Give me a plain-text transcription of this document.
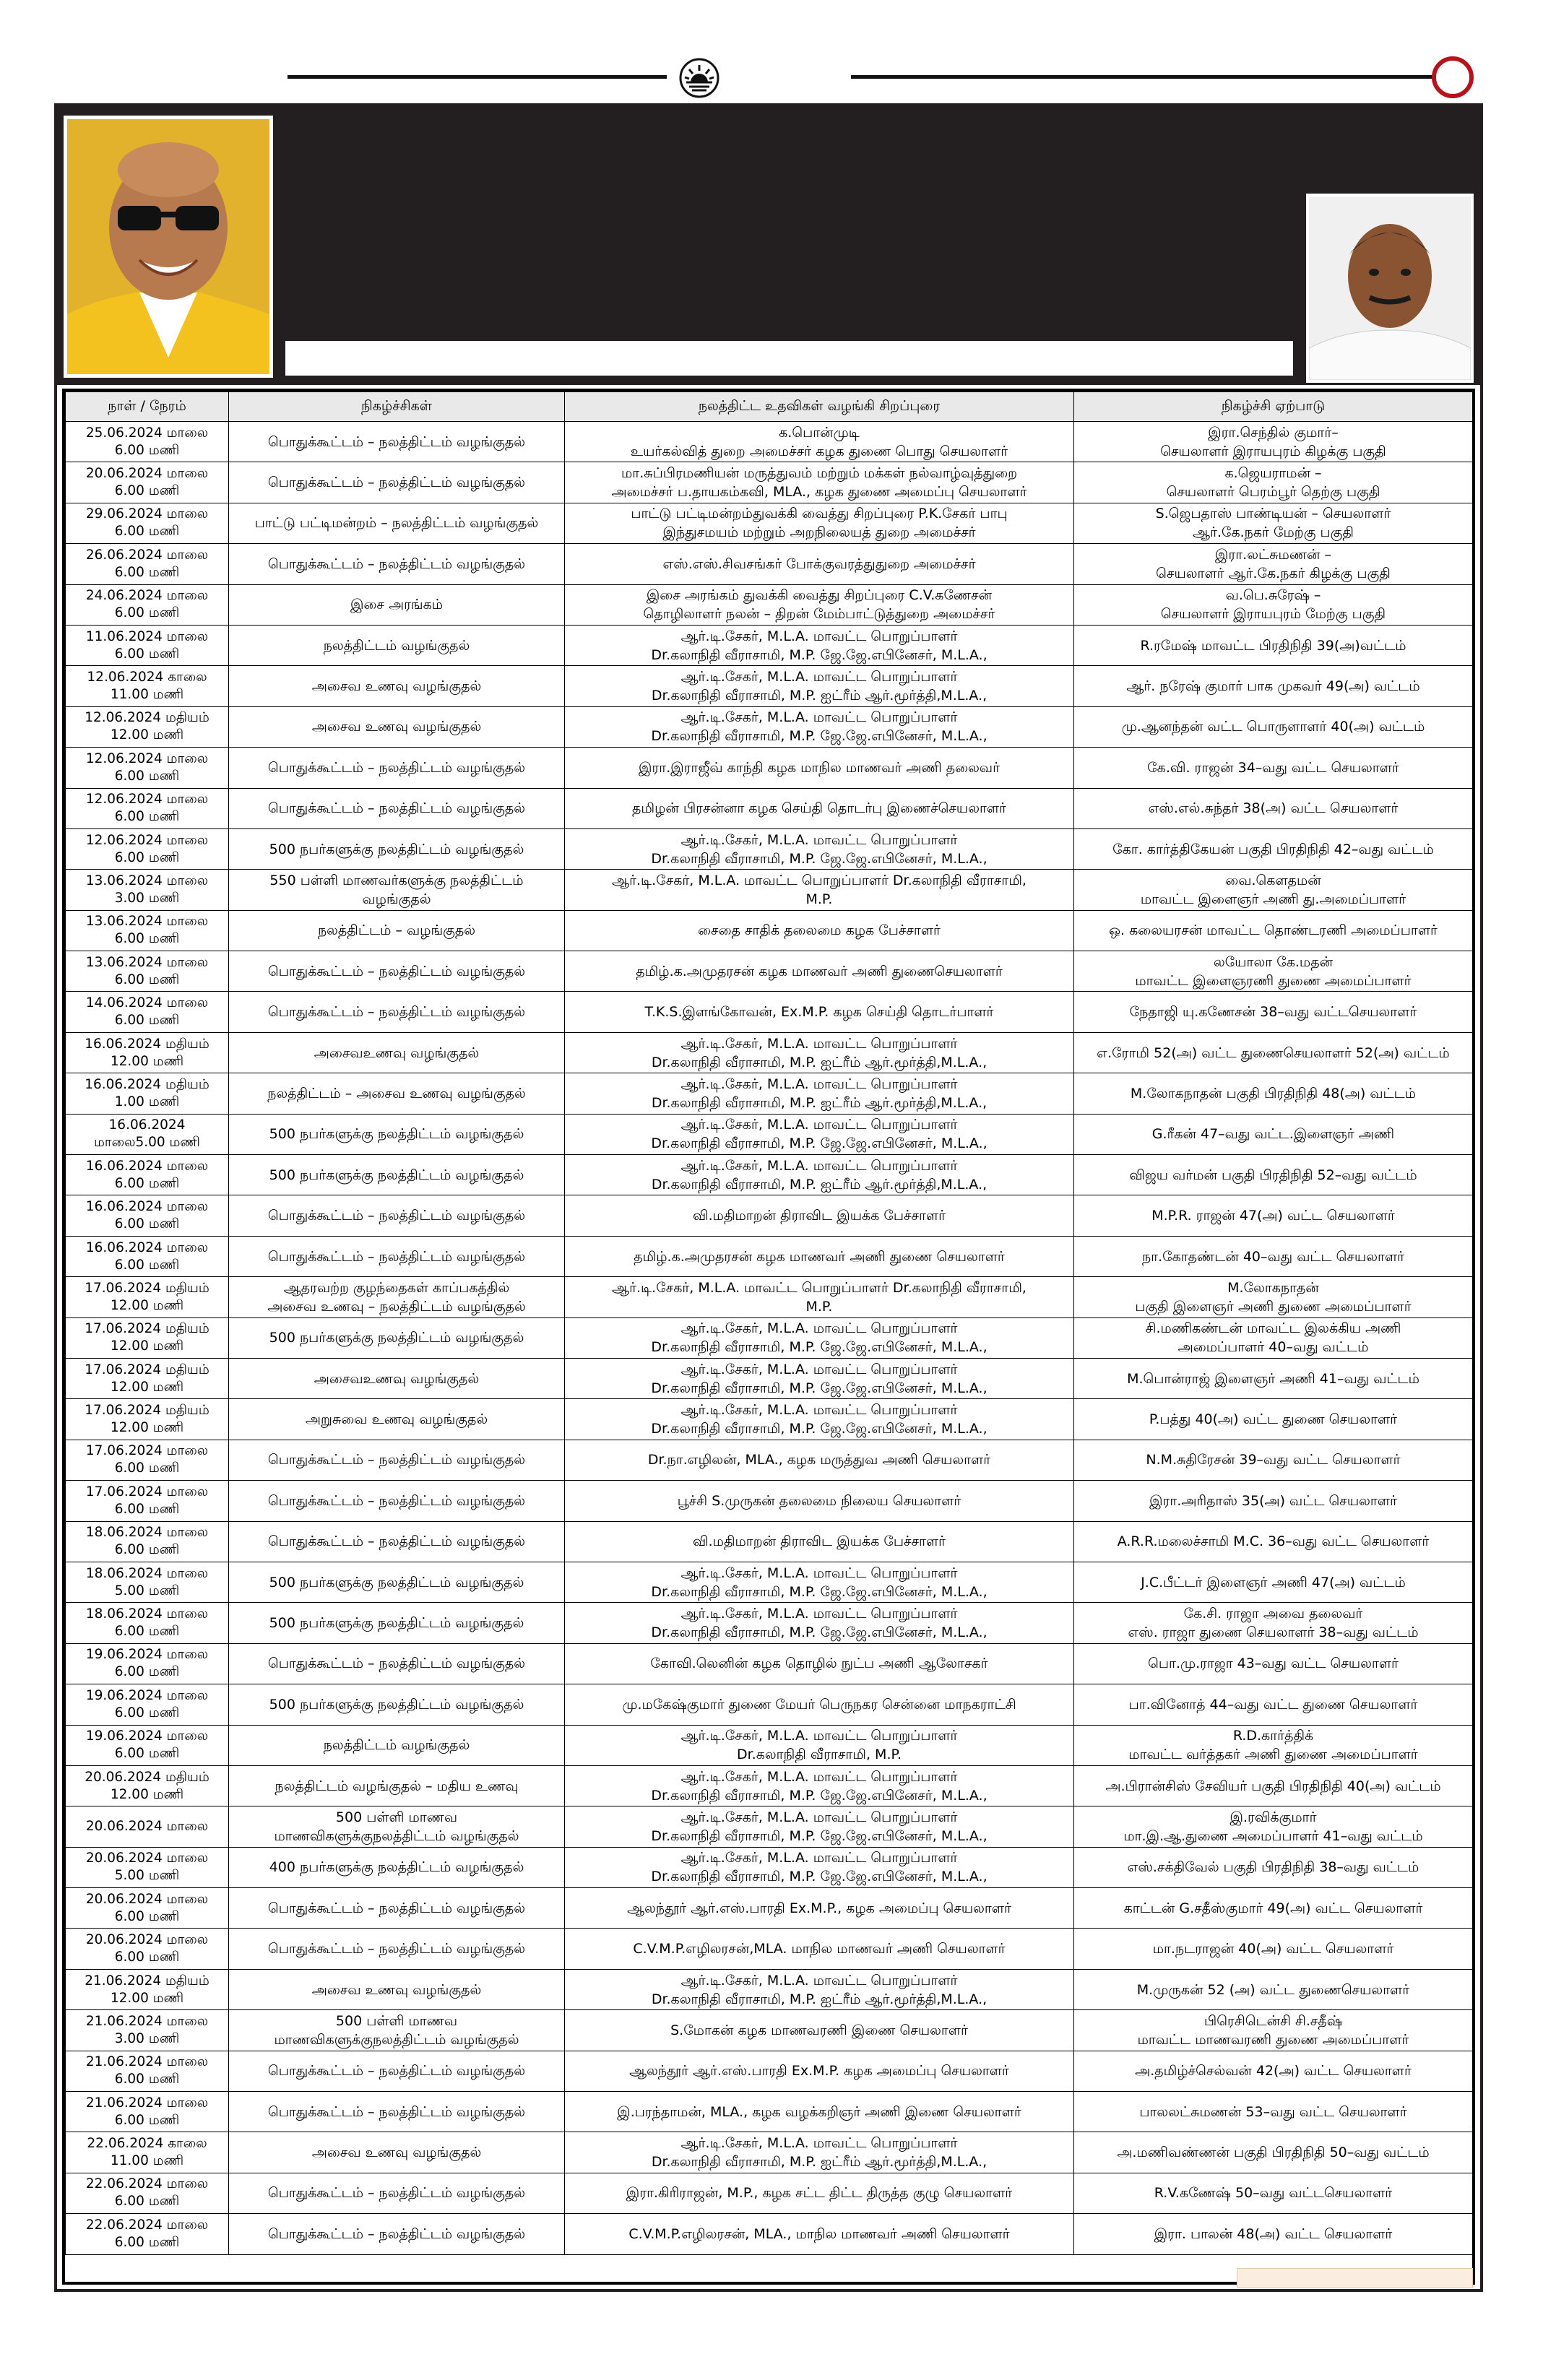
நாள் / நேரம்	நிகழ்ச்சிகள்	நலத்திட்ட உதவிகள் வழங்கி சிறப்புரை	நிகழ்ச்சி ஏற்பாடு

25.06.2024 மாலை
6.00 மணி	பொதுக்கூட்டம் – நலத்திட்டம் வழங்குதல்	க.பொன்முடி
உயர்கல்வித் துறை அமைச்சர் கழக துணை பொது செயலாளர்	இரா.செந்தில் குமார்–
செயலாளர் இராயபுரம் கிழக்கு பகுதி

20.06.2024 மாலை
6.00 மணி	பொதுக்கூட்டம் – நலத்திட்டம் வழங்குதல்	மா.சுப்பிரமணியன் மருத்துவம் மற்றும் மக்கள் நல்வாழ்வுத்துறை
அமைச்சர் ப.தாயகம்கவி, MLA., கழக துணை அமைப்பு செயலாளர்	க.ஜெயராமன் –
செயலாளர் பெரம்பூர் தெற்கு பகுதி

29.06.2024 மாலை
6.00 மணி	பாட்டு பட்டிமன்றம் – நலத்திட்டம் வழங்குதல்	பாட்டு பட்டிமன்றம்துவக்கி வைத்து சிறப்புரை P.K.சேகர் பாபு
இந்துசமயம் மற்றும் அறநிலையத் துறை அமைச்சர்	S.ஜெபதாஸ் பாண்டியன் – செயலாளர்
ஆர்.கே.நகர் மேற்கு பகுதி

26.06.2024 மாலை
6.00 மணி	பொதுக்கூட்டம் – நலத்திட்டம் வழங்குதல்	எஸ்.எஸ்.சிவசங்கர் போக்குவரத்துதுறை அமைச்சர்	இரா.லட்சுமணன் –
செயலாளர் ஆர்.கே.நகர் கிழக்கு பகுதி

24.06.2024 மாலை
6.00 மணி	இசை அரங்கம்	இசை அரங்கம் துவக்கி வைத்து சிறப்புரை C.V.கணேசன்
தொழிலாளர் நலன் – திறன் மேம்பாட்டுத்துறை அமைச்சர்	வ.பெ.சுரேஷ் –
செயலாளர் இராயபுரம் மேற்கு பகுதி

11.06.2024 மாலை
6.00 மணி	நலத்திட்டம் வழங்குதல்	ஆர்.டி.சேகர், M.L.A. மாவட்ட பொறுப்பாளர்
Dr.கலாநிதி வீராசாமி, M.P. ஜே.ஜே.எபினேசர், M.L.A.,	R.ரமேஷ் மாவட்ட பிரதிநிதி 39(அ)வட்டம்

12.06.2024 காலை
11.00 மணி	அசைவ உணவு வழங்குதல்	ஆர்.டி.சேகர், M.L.A. மாவட்ட பொறுப்பாளர்
Dr.கலாநிதி வீராசாமி, M.P. ஐட்ரீம் ஆர்.மூர்த்தி,M.L.A.,	ஆர். நரேஷ் குமார் பாக முகவர் 49(அ) வட்டம்

12.06.2024 மதியம்
12.00 மணி	அசைவ உணவு வழங்குதல்	ஆர்.டி.சேகர், M.L.A. மாவட்ட பொறுப்பாளர்
Dr.கலாநிதி வீராசாமி, M.P. ஜே.ஜே.எபினேசர், M.L.A.,	மு.ஆனந்தன் வட்ட பொருளாளர் 40(அ) வட்டம்

12.06.2024 மாலை
6.00 மணி	பொதுக்கூட்டம் – நலத்திட்டம் வழங்குதல்	இரா.இராஜீவ் காந்தி கழக மாநில மாணவர் அணி தலைவர்	கே.வி. ராஜன் 34–வது வட்ட செயலாளர்

12.06.2024 மாலை
6.00 மணி	பொதுக்கூட்டம் – நலத்திட்டம் வழங்குதல்	தமிழன் பிரசன்னா கழக செய்தி தொடர்பு இணைச்செயலாளர்	எஸ்.எல்.சுந்தர் 38(அ) வட்ட செயலாளர்

12.06.2024 மாலை
6.00 மணி	500 நபர்களுக்கு நலத்திட்டம் வழங்குதல்	ஆர்.டி.சேகர், M.L.A. மாவட்ட பொறுப்பாளர்
Dr.கலாநிதி வீராசாமி, M.P. ஜே.ஜே.எபினேசர், M.L.A.,	கோ. கார்த்திகேயன் பகுதி பிரதிநிதி 42–வது வட்டம்

13.06.2024 மாலை
3.00 மணி	550 பள்ளி மாணவர்களுக்கு நலத்திட்டம்
வழங்குதல்	ஆர்.டி.சேகர், M.L.A. மாவட்ட பொறுப்பாளர் Dr.கலாநிதி வீராசாமி,
M.P.	வை.கௌதமன்
மாவட்ட இளைஞர் அணி து.அமைப்பாளர்

13.06.2024 மாலை
6.00 மணி	நலத்திட்டம் – வழங்குதல்	சைதை சாதிக் தலைமை கழக பேச்சாளர்	ஒ. கலையரசன் மாவட்ட தொண்டரணி அமைப்பாளர்

13.06.2024 மாலை
6.00 மணி	பொதுக்கூட்டம் – நலத்திட்டம் வழங்குதல்	தமிழ்.க.அமுதரசன் கழக மாணவர் அணி துணைசெயலாளர்	லயோலா கே.மதன்
மாவட்ட இளைஞரணி துணை அமைப்பாளர்

14.06.2024 மாலை
6.00 மணி	பொதுக்கூட்டம் – நலத்திட்டம் வழங்குதல்	T.K.S.இளங்கோவன், Ex.M.P. கழக செய்தி தொடர்பாளர்	நேதாஜி யு.கணேசன் 38–வது வட்டசெயலாளர்

16.06.2024 மதியம்
12.00 மணி	அசைவஉணவு வழங்குதல்	ஆர்.டி.சேகர், M.L.A. மாவட்ட பொறுப்பாளர்
Dr.கலாநிதி வீராசாமி, M.P. ஐட்ரீம் ஆர்.மூர்த்தி,M.L.A.,	எ.ரோமி 52(அ) வட்ட துணைசெயலாளர் 52(அ) வட்டம்

16.06.2024 மதியம்
1.00 மணி	நலத்திட்டம் – அசைவ உணவு வழங்குதல்	ஆர்.டி.சேகர், M.L.A. மாவட்ட பொறுப்பாளர்
Dr.கலாநிதி வீராசாமி, M.P. ஐட்ரீம் ஆர்.மூர்த்தி,M.L.A.,	M.லோகநாதன் பகுதி பிரதிநிதி 48(அ) வட்டம்

16.06.2024
மாலை5.00 மணி	500 நபர்களுக்கு நலத்திட்டம் வழங்குதல்	ஆர்.டி.சேகர், M.L.A. மாவட்ட பொறுப்பாளர்
Dr.கலாநிதி வீராசாமி, M.P. ஜே.ஜே.எபினேசர், M.L.A.,	G.ரீகன் 47–வது வட்ட.இளைஞர் அணி

16.06.2024 மாலை
6.00 மணி	500 நபர்களுக்கு நலத்திட்டம் வழங்குதல்	ஆர்.டி.சேகர், M.L.A. மாவட்ட பொறுப்பாளர்
Dr.கலாநிதி வீராசாமி, M.P. ஐட்ரீம் ஆர்.மூர்த்தி,M.L.A.,	விஜய வர்மன் பகுதி பிரதிநிதி 52–வது வட்டம்

16.06.2024 மாலை
6.00 மணி	பொதுக்கூட்டம் – நலத்திட்டம் வழங்குதல்	வி.மதிமாறன் திராவிட இயக்க பேச்சாளர்	M.P.R. ராஜன் 47(அ) வட்ட செயலாளர்

16.06.2024 மாலை
6.00 மணி	பொதுக்கூட்டம் – நலத்திட்டம் வழங்குதல்	தமிழ்.க.அமுதரசன் கழக மாணவர் அணி துணை செயலாளர்	நா.கோதண்டன் 40–வது வட்ட செயலாளர்

17.06.2024 மதியம்
12.00 மணி	ஆதரவற்ற குழந்தைகள் காப்பகத்தில்
அசைவ உணவு – நலத்திட்டம் வழங்குதல்	ஆர்.டி.சேகர், M.L.A. மாவட்ட பொறுப்பாளர் Dr.கலாநிதி வீராசாமி,
M.P.	M.லோகநாதன்
பகுதி இளைஞர் அணி துணை அமைப்பாளர்

17.06.2024 மதியம்
12.00 மணி	500 நபர்களுக்கு நலத்திட்டம் வழங்குதல்	ஆர்.டி.சேகர், M.L.A. மாவட்ட பொறுப்பாளர்
Dr.கலாநிதி வீராசாமி, M.P. ஜே.ஜே.எபினேசர், M.L.A.,	சி.மணிகண்டன் மாவட்ட இலக்கிய அணி
அமைப்பாளர் 40–வது வட்டம்

17.06.2024 மதியம்
12.00 மணி	அசைவஉணவு வழங்குதல்	ஆர்.டி.சேகர், M.L.A. மாவட்ட பொறுப்பாளர்
Dr.கலாநிதி வீராசாமி, M.P. ஜே.ஜே.எபினேசர், M.L.A.,	M.பொன்ராஜ் இளைஞர் அணி 41–வது வட்டம்

17.06.2024 மதியம்
12.00 மணி	அறுசுவை உணவு வழங்குதல்	ஆர்.டி.சேகர், M.L.A. மாவட்ட பொறுப்பாளர்
Dr.கலாநிதி வீராசாமி, M.P. ஜே.ஜே.எபினேசர், M.L.A.,	P.பத்து 40(அ) வட்ட துணை செயலாளர்

17.06.2024 மாலை
6.00 மணி	பொதுக்கூட்டம் – நலத்திட்டம் வழங்குதல்	Dr.நா.எழிலன், MLA., கழக மருத்துவ அணி செயலாளர்	N.M.சுதிரேசன் 39–வது வட்ட செயலாளர்

17.06.2024 மாலை
6.00 மணி	பொதுக்கூட்டம் – நலத்திட்டம் வழங்குதல்	பூச்சி S.முருகன் தலைமை நிலைய செயலாளர்	இரா.அரிதாஸ் 35(அ) வட்ட செயலாளர்

18.06.2024 மாலை
6.00 மணி	பொதுக்கூட்டம் – நலத்திட்டம் வழங்குதல்	வி.மதிமாறன் திராவிட இயக்க பேச்சாளர்	A.R.R.மலைச்சாமி M.C. 36–வது வட்ட செயலாளர்

18.06.2024 மாலை
5.00 மணி	500 நபர்களுக்கு நலத்திட்டம் வழங்குதல்	ஆர்.டி.சேகர், M.L.A. மாவட்ட பொறுப்பாளர்
Dr.கலாநிதி வீராசாமி, M.P. ஜே.ஜே.எபினேசர், M.L.A.,	J.C.பீட்டர் இளைஞர் அணி 47(அ) வட்டம்

18.06.2024 மாலை
6.00 மணி	500 நபர்களுக்கு நலத்திட்டம் வழங்குதல்	ஆர்.டி.சேகர், M.L.A. மாவட்ட பொறுப்பாளர்
Dr.கலாநிதி வீராசாமி, M.P. ஜே.ஜே.எபினேசர், M.L.A.,	கே.சி. ராஜா அவை தலைவர்
எஸ். ராஜா துணை செயலாளர் 38–வது வட்டம்

19.06.2024 மாலை
6.00 மணி	பொதுக்கூட்டம் – நலத்திட்டம் வழங்குதல்	கோவி.லெனின் கழக தொழில் நுட்ப அணி ஆலோசகர்	பொ.மு.ராஜா 43–வது வட்ட செயலாளர்

19.06.2024 மாலை
6.00 மணி	500 நபர்களுக்கு நலத்திட்டம் வழங்குதல்	மு.மகேஷ்குமார் துணை மேயர் பெருநகர சென்னை மாநகராட்சி	பா.வினோத் 44–வது வட்ட துணை செயலாளர்

19.06.2024 மாலை
6.00 மணி	நலத்திட்டம் வழங்குதல்	ஆர்.டி.சேகர், M.L.A. மாவட்ட பொறுப்பாளர்
Dr.கலாநிதி வீராசாமி, M.P.	R.D.கார்த்திக்
மாவட்ட வர்த்தகர் அணி துணை அமைப்பாளர்

20.06.2024 மதியம்
12.00 மணி	நலத்திட்டம் வழங்குதல் – மதிய உணவு	ஆர்.டி.சேகர், M.L.A. மாவட்ட பொறுப்பாளர்
Dr.கலாநிதி வீராசாமி, M.P. ஜே.ஜே.எபினேசர், M.L.A.,	அ.பிரான்சிஸ் சேவியர் பகுதி பிரதிநிதி 40(அ) வட்டம்

20.06.2024 மாலை	500 பள்ளி மாணவ
மாணவிகளுக்குநலத்திட்டம் வழங்குதல்	ஆர்.டி.சேகர், M.L.A. மாவட்ட பொறுப்பாளர்
Dr.கலாநிதி வீராசாமி, M.P. ஜே.ஜே.எபினேசர், M.L.A.,	இ.ரவிக்குமார்
மா.இ.ஆ.துணை அமைப்பாளர் 41–வது வட்டம்

20.06.2024 மாலை
5.00 மணி	400 நபர்களுக்கு நலத்திட்டம் வழங்குதல்	ஆர்.டி.சேகர், M.L.A. மாவட்ட பொறுப்பாளர்
Dr.கலாநிதி வீராசாமி, M.P. ஜே.ஜே.எபினேசர், M.L.A.,	எஸ்.சக்திவேல் பகுதி பிரதிநிதி 38–வது வட்டம்

20.06.2024 மாலை
6.00 மணி	பொதுக்கூட்டம் – நலத்திட்டம் வழங்குதல்	ஆலந்தூர் ஆர்.எஸ்.பாரதி Ex.M.P., கழக அமைப்பு செயலாளர்	காட்டன் G.சதீஸ்குமார் 49(அ) வட்ட செயலாளர்

20.06.2024 மாலை
6.00 மணி	பொதுக்கூட்டம் – நலத்திட்டம் வழங்குதல்	C.V.M.P.எழிலரசன்,MLA. மாநில மாணவர் அணி செயலாளர்	மா.நடராஜன் 40(அ) வட்ட செயலாளர்

21.06.2024 மதியம்
12.00 மணி	அசைவ உணவு வழங்குதல்	ஆர்.டி.சேகர், M.L.A. மாவட்ட பொறுப்பாளர்
Dr.கலாநிதி வீராசாமி, M.P. ஐட்ரீம் ஆர்.மூர்த்தி,M.L.A.,	M.முருகன் 52 (அ) வட்ட துணைசெயலாளர்

21.06.2024 மாலை
3.00 மணி	500 பள்ளி மாணவ
மாணவிகளுக்குநலத்திட்டம் வழங்குதல்	S.மோகன் கழக மாணவரணி இணை செயலாளர்	பிரெசிடென்சி சி.சதீஷ்
மாவட்ட மாணவரணி துணை அமைப்பாளர்

21.06.2024 மாலை
6.00 மணி	பொதுக்கூட்டம் – நலத்திட்டம் வழங்குதல்	ஆலந்தூர் ஆர்.எஸ்.பாரதி Ex.M.P. கழக அமைப்பு செயலாளர்	அ.தமிழ்ச்செல்வன் 42(அ) வட்ட செயலாளர்

21.06.2024 மாலை
6.00 மணி	பொதுக்கூட்டம் – நலத்திட்டம் வழங்குதல்	இ.பரந்தாமன், MLA., கழக வழக்கறிஞர் அணி இணை செயலாளர்	பாலலட்சுமணன் 53–வது வட்ட செயலாளர்

22.06.2024 காலை
11.00 மணி	அசைவ உணவு வழங்குதல்	ஆர்.டி.சேகர், M.L.A. மாவட்ட பொறுப்பாளர்
Dr.கலாநிதி வீராசாமி, M.P. ஐட்ரீம் ஆர்.மூர்த்தி,M.L.A.,	அ.மணிவண்ணன் பகுதி பிரதிநிதி 50–வது வட்டம்

22.06.2024 மாலை
6.00 மணி	பொதுக்கூட்டம் – நலத்திட்டம் வழங்குதல்	இரா.கிரிராஜன், M.P., கழக சட்ட திட்ட திருத்த குழு செயலாளர்	R.V.கணேஷ் 50–வது வட்டசெயலாளர்

22.06.2024 மாலை
6.00 மணி	பொதுக்கூட்டம் – நலத்திட்டம் வழங்குதல்	C.V.M.P.எழிலரசன், MLA., மாநில மாணவர் அணி செயலாளர்	இரா. பாலன் 48(அ) வட்ட செயலாளர்
